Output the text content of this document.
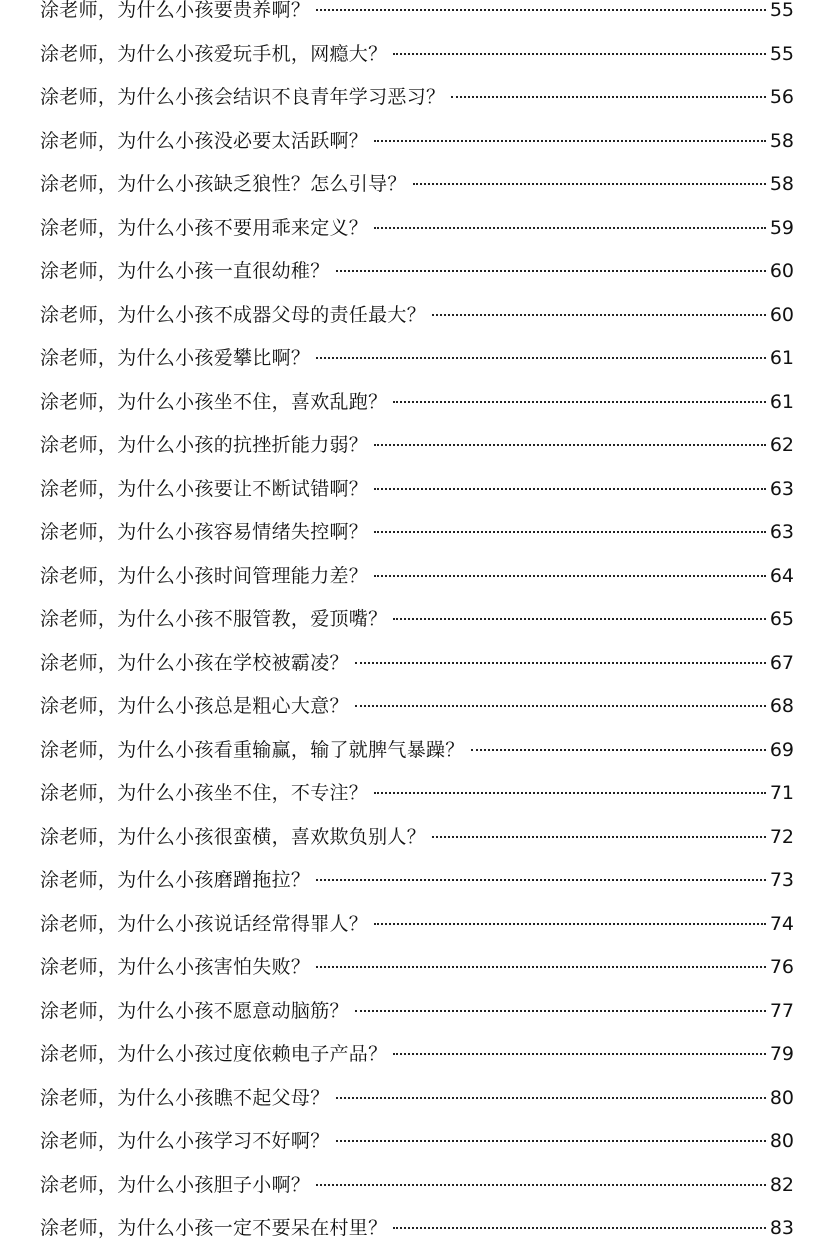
涂老师，为什么小孩要贵养啊？	55
涂老师，为什么小孩爱玩手机，网瘾大？	55
涂老师，为什么小孩会结识不良青年学习恶习？	56
涂老师，为什么小孩没必要太活跃啊？	58
涂老师，为什么小孩缺乏狼性？怎么引导？	58
涂老师，为什么小孩不要用乖来定义？	59
涂老师，为什么小孩一直很幼稚？	60
涂老师，为什么小孩不成器父母的责任最大？	60
涂老师，为什么小孩爱攀比啊？	61
涂老师，为什么小孩坐不住，喜欢乱跑？	61
涂老师，为什么小孩的抗挫折能力弱？	62
涂老师，为什么小孩要让不断试错啊？	63
涂老师，为什么小孩容易情绪失控啊？	63
涂老师，为什么小孩时间管理能力差？	64
涂老师，为什么小孩不服管教，爱顶嘴？	65
涂老师，为什么小孩在学校被霸凌？	67
涂老师，为什么小孩总是粗心大意？	68
涂老师，为什么小孩看重输赢，输了就脾气暴躁？	69
涂老师，为什么小孩坐不住，不专注？	71
涂老师，为什么小孩很蛮横，喜欢欺负别人？	72
涂老师，为什么小孩磨蹭拖拉？	73
涂老师，为什么小孩说话经常得罪人？	74
涂老师，为什么小孩害怕失败？	76
涂老师，为什么小孩不愿意动脑筋？	77
涂老师，为什么小孩过度依赖电子产品？	79
涂老师，为什么小孩瞧不起父母？	80
涂老师，为什么小孩学习不好啊？	80
涂老师，为什么小孩胆子小啊？	82
涂老师，为什么小孩一定不要呆在村里？	83
